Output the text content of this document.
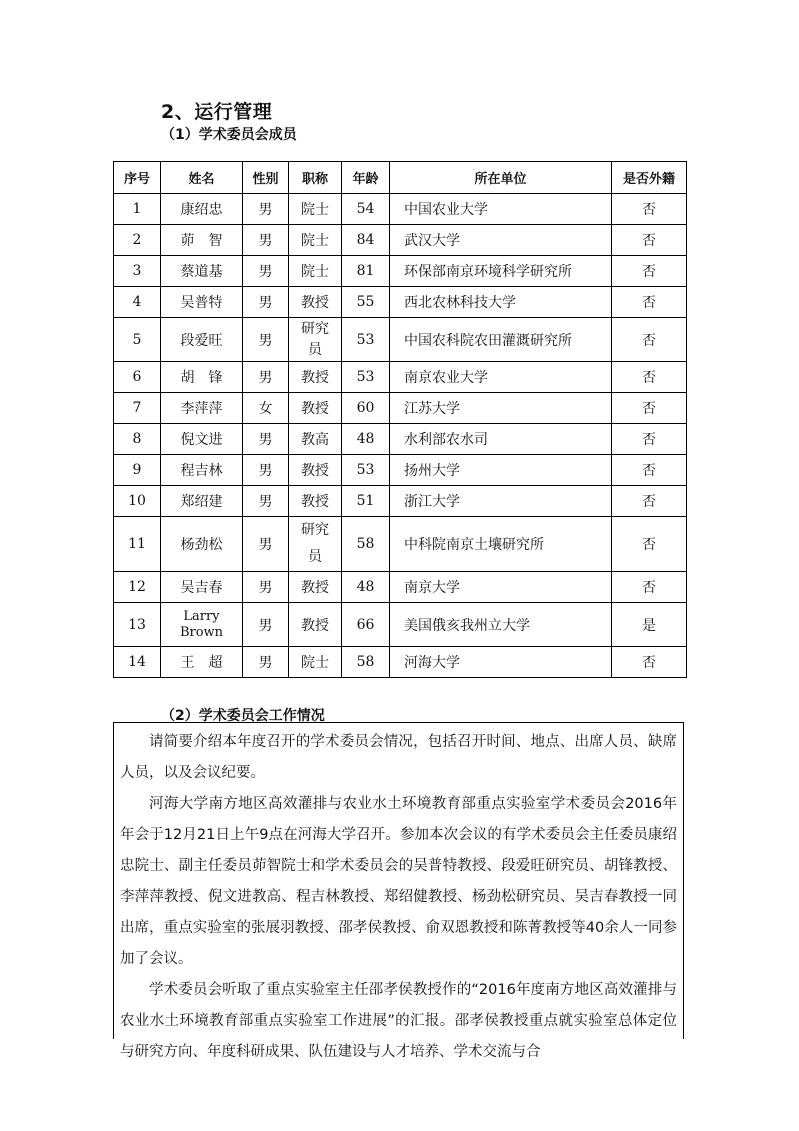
2、运行管理
（1）学术委员会成员
序号	姓名	性别	职称	年龄	所在单位	是否外籍
1	康绍忠	男	院士	54	中国农业大学	否
2	茆　智	男	院士	84	武汉大学	否
3	蔡道基	男	院士	81	环保部南京环境科学研究所	否
4	吴普特	男	教授	55	西北农林科技大学	否
5	段爱旺	男	研究员	53	中国农科院农田灌溉研究所	否
6	胡　锋	男	教授	53	南京农业大学	否
7	李萍萍	女	教授	60	江苏大学	否
8	倪文进	男	教高	48	水利部农水司	否
9	程吉林	男	教授	53	扬州大学	否
10	郑绍建	男	教授	51	浙江大学	否
11	杨劲松	男	研究员	58	中科院南京土壤研究所	否
12	吴吉春	男	教授	48	南京大学	否
13	Larry Brown	男	教授	66	美国俄亥我州立大学	是
14	王　超	男	院士	58	河海大学	否
（2）学术委员会工作情况

请简要介绍本年度召开的学术委员会情况，包括召开时间、地点、出席人员、缺席人员，以及会议纪要。

河海大学南方地区高效灌排与农业水土环境教育部重点实验室学术委员会2016年年会于12月21日上午9点在河海大学召开。参加本次会议的有学术委员会主任委员康绍忠院士、副主任委员茆智院士和学术委员会的吴普特教授、段爱旺研究员、胡锋教授、李萍萍教授、倪文进教高、程吉林教授、郑绍健教授、杨劲松研究员、吴吉春教授一同出席，重点实验室的张展羽教授、邵孝侯教授、俞双恩教授和陈菁教授等40余人一同参加了会议。

学术委员会听取了重点实验室主任邵孝侯教授作的“2016年度南方地区高效灌排与农业水土环境教育部重点实验室工作进展”的汇报。邵孝侯教授重点就实验室总体定位与研究方向、年度科研成果、队伍建设与人才培养、学术交流与合
